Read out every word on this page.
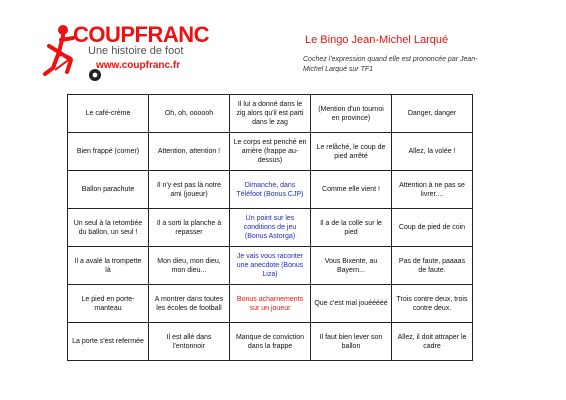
COUPFRANC
Une histoire de foot
www.coupfranc.fr
Le Bingo Jean-Michel Larqué
Cochez l'expression quand elle est prononcée par Jean-Michel Larqué sur TF1
Le café-crème	Oh, oh, oooooh	Il lui a donné dans le zig alors qu'il est parti dans le zag	(Mention d'un tournoi en province)	Danger, danger
Bien frappé (corner)	Attention, attention !	Le corps est penché en arrière (frappe au-dessus)	Le relâché, le coup de pied arrêté	Allez, la volée !
Ballon parachute	Il n'y est pas là notre ami (joueur)	Dimanche, dans Téléfoot (Bonus CJP)	Comme elle vient !	Attention à ne pas se livrer....
Un seul à la retombée du ballon, un seul !	Il a sorti la planche à repasser	Un point sur les conditions de jeu (Bonus Astorga)	Il a de la colle sur le pied	Coup de pied de coin
Il a avalé la trompette là	Mon dieu, mon dieu, mon dieu...	Je vais vous raconter une anecdote (Bonus Liza)	Vous Bixente, au Bayern...	Pas de faute, paaaas de faute.
Le pied en porte-manteau	A montrer dans toutes les écoles de football	Bonus acharnements sur un joueur	Que c'est mal jouééééé	Trois contre deux, trois contre deux.
La porte s'est refermée	Il est allé dans l'entonnoir	Manque de conviction dans la frappe	Il faut bien lever son ballon	Allez, il doit attraper le cadre
